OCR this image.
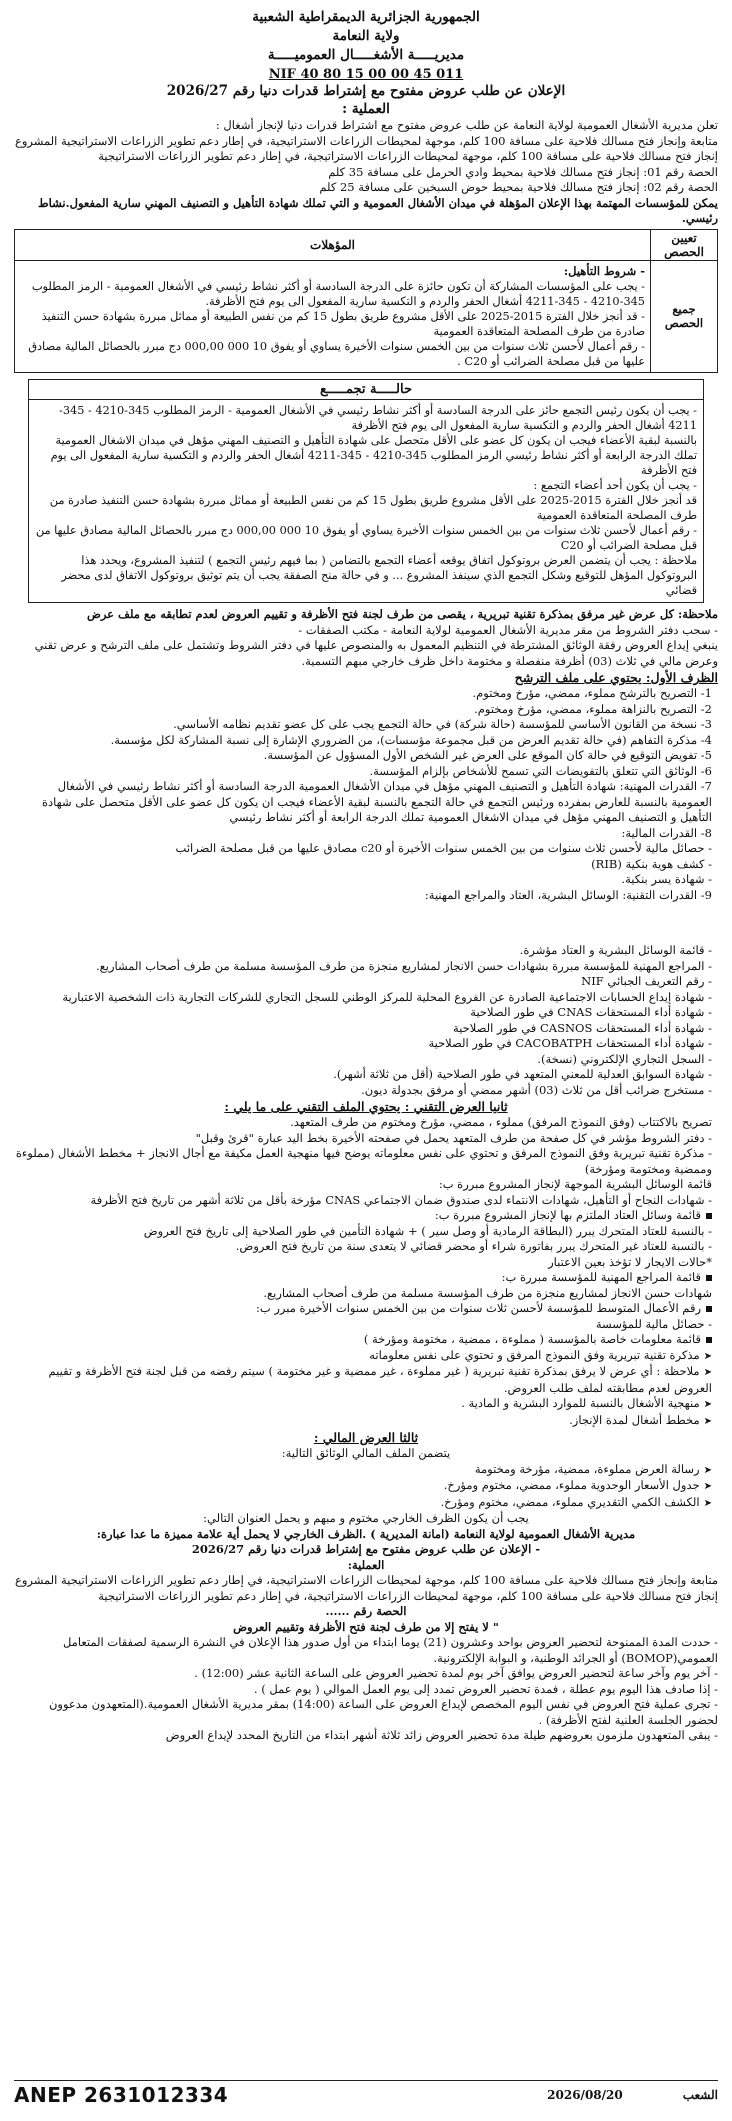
الجمهورية الجزائرية الديمقراطية الشعبية
ولاية النعامة
مديريـــــة الأشغـــــال العموميـــــة
NIF 40 80 15 00 00 45 011
الإعلان عن طلب عروض مفتوح مع إشتراط قدرات دنيا رقم 2026/27
العملية :

تعلن مديرية الأشغال العمومية لولاية النعامة عن طلب عروض مفتوح مع اشتراط قدرات دنيا لإنجاز أشغال :

متابعة وإنجاز فتح مسالك فلاحية على مسافة 100 كلم، موجهة لمحيطات الزراعات الاستراتيجية، في إطار دعم تطوير الزراعات الاستراتيجية المشروع

إنجاز فتح مسالك فلاحية على مسافة 100 كلم، موجهة لمحيطات الزراعات الاستراتيجية، في إطار دعم تطوير الزراعات الاستراتيجية

الحصة رقم 01: إنجاز فتح مسالك فلاحية بمحيط وادي الحرمل على مسافة 35 كلم

الحصة رقم 02: إنجاز فتح مسالك فلاحية بمحيط حوض السبخين على مسافة 25 كلم

يمكن للمؤسسات المهتمة بهذا الإعلان المؤهلة في ميدان الأشغال العمومية و التي تملك شهادة التأهيل و التصنيف المهني سارية المفعول.نشاط رئيسي.

تعيين الحصص	المؤهلات
جميع الحصص	- شروط التأهيل:

- يجب على المؤسسات المشاركة أن تكون حائزة على الدرجة السادسة أو أكثر نشاط رئيسي في الأشغال العمومية - الرمز المطلوب 345-4210 - 345-4211 أشغال الحفر والردم و التكسية سارية المفعول الى يوم فتح الأظرفة.

- قد أنجز خلال الفترة 2015-2025 على الأقل مشروع طريق بطول 15 كم من نفس الطبيعة أو مماثل مبررة بشهادة حسن التنفيذ صادرة من طرف المصلحة المتعاقدة العمومية

- رقم أعمال لأحسن ثلاث سنوات من بين الخمس سنوات الأخيرة يساوي أو يفوق 10 000 000,00 دج مبرر بالحصائل المالية مصادق عليها من قبل مصلحة الضرائب أو C20 .

حالـــــة تجمـــــع

- يجب أن يكون رئيس التجمع حائز على الدرجة السادسة أو أكثر نشاط رئيسي في الأشغال العمومية - الرمز المطلوب 345-4210 - 345-4211 أشغال الحفر والردم و التكسية سارية المفعول الى يوم فتح الأظرفة

بالنسبة لبقية الأعضاء فيجب ان يكون كل عضو على الأقل متحصل على شهادة التأهيل و التصنيف المهني مؤهل في ميدان الاشغال العمومية تملك الدرجة الرابعة أو أكثر نشاط رئيسي الرمز المطلوب 345-4210 - 345-4211 أشغال الحفر والردم و التكسية سارية المفعول الى يوم فتح الأظرفة

- يجب أن يكون أحد أعضاء التجمع :

قد أنجز خلال الفترة 2015-2025 على الأقل مشروع طريق بطول 15 كم من نفس الطبيعة أو مماثل مبررة بشهادة حسن التنفيذ صادرة من طرف المصلحة المتعاقدة العمومية

- رقم أعمال لأحسن ثلاث سنوات من بين الخمس سنوات الأخيرة يساوي أو يفوق 10 000 000,00 دج مبرر بالحصائل المالية مصادق عليها من قبل مصلحة الضرائب أو C20

ملاحظة : يجب أن يتضمن العرض بروتوكول اتفاق يوقعه أعضاء التجمع بالتضامن ( بما فيهم رئيس التجمع ) لتنفيذ المشروع، ويحدد هذا البروتوكول المؤهل للتوقيع وشكل التجمع الذي سينفذ المشروع ... و في حالة منح الصفقة يجب أن يتم توثيق بروتوكول الاتفاق لدى محضر قضائي

ملاحظة: كل عرض غير مرفق بمذكرة تقنية تبريرية ، يقصى من طرف لجنة فتح الأظرفة و تقييم العروض لعدم تطابقه مع ملف عرض

- سحب دفتر الشروط من مقر مديرية الأشغال العمومية لولاية النعامة - مكتب الصفقات -

ينبغي إيداع العروض رفقة الوثائق المشترطة في التنظيم المعمول به والمنصوص عليها في دفتر الشروط وتشتمل على ملف الترشح و عرض تقني وعرض مالي في ثلاث (03) أظرفة منفصلة و مختومة داخل ظرف خارجي مبهم التسمية.

الظرف الأول: يحتوي على ملف الترشح

1- التصريح بالترشح مملوء، ممضي، مؤرخ ومختوم.

2- التصريح بالنزاهة مملوء، ممضي، مؤرخ ومختوم.

3- نسخة من القانون الأساسي للمؤسسة (حالة شركة) في حالة التجمع يجب على كل عضو تقديم نظامه الأساسي.

4- مذكرة التفاهم (في حالة تقديم العرض من قبل مجموعة مؤسسات)، من الضروري الإشارة إلى نسبة المشاركة لكل مؤسسة.

5- تفويض التوقيع في حالة كان الموقع على العرض غير الشخص الأول المسؤول عن المؤسسة.

6- الوثائق التي تتعلق بالتفويضات التي تسمح للأشخاص بإلزام المؤسسة.

7- القدرات المهنية: شهادة التأهيل و التصنيف المهني مؤهل في ميدان الأشغال العمومية الدرجة السادسة أو أكثر نشاط رئيسي في الأشغال العمومية بالنسبة للعارض بمفرده ورئيس التجمع في حالة التجمع بالنسبة لبقية الأعضاء فيجب ان يكون كل عضو على الأقل متحصل على شهادة التأهيل و التصنيف المهني مؤهل في ميدان الاشغال العمومية تملك الدرجة الرابعة أو أكثر نشاط رئيسي

8- القدرات المالية:

- حصائل مالية لأحسن ثلاث سنوات من بين الخمس سنوات الأخيرة أو c20 مصادق عليها من قبل مصلحة الضرائب

- كشف هوية بنكية (RIB)

- شهادة يسر بنكية.

9- القدرات التقنية: الوسائل البشرية، العتاد والمراجع المهنية:

- قائمة الوسائل البشرية و العتاد مؤشرة.

- المراجع المهنية للمؤسسة مبررة بشهادات حسن الانجاز لمشاريع منجزة من طرف المؤسسة مسلمة من طرف أصحاب المشاريع.

- رقم التعريف الجبائي NIF

- شهادة إيداع الحسابات الاجتماعية الصادرة عن الفروع المحلية للمركز الوطني للسجل التجاري للشركات التجارية ذات الشخصية الاعتبارية

- شهادة أداء المستحقات CNAS في طور الصلاحية

- شهادة أداء المستحقات CASNOS في طور الصلاحية

- شهادة أداء المستحقات CACOBATPH في طور الصلاحية

- السجل التجاري الإلكتروني (نسخة).

- شهادة السوابق العدلية للمعني المتعهد في طور الصلاحية (أقل من ثلاثة أشهر).

- مستخرج ضرائب أقل من ثلاث (03) أشهر ممضي أو مرفق بجدولة ديون.

ثانيا العرض التقني : يحتوي الملف التقني على ما يلي :

تصريح بالاكتتاب (وفق النموذج المرفق) مملوء ، ممضي، مؤرخ ومختوم من طرف المتعهد.

- دفتر الشروط مؤشر في كل صفحة من طرف المتعهد يحمل في صفحته الأخيرة بخط اليد عبارة "قرئ وقبل"

- مذكرة تقنية تبريرية وفق النموذج المرفق و تحتوي على نفس معلوماته يوضح فيها منهجية العمل مكيفة مع أجال الانجاز + مخطط الأشغال (مملوءة وممضية ومختومة ومؤرخة)

قائمة الوسائل البشرية الموجهة لإنجاز المشروع مبررة ب:

- شهادات النجاح أو التأهيل، شهادات الانتماء لدى صندوق ضمان الاجتماعي CNAS مؤرخة بأقل من ثلاثة أشهر من تاريخ فتح الأظرفة

قائمة وسائل العتاد الملتزم بها لإنجاز المشروع مبررة ب:

- بالنسبة للعتاد المتحرك يبرر (البطاقة الرمادية أو وصل سير ) + شهادة التأمين في طور الصلاحية إلى تاريخ فتح العروض

- بالنسبة للعتاد غير المتحرك يبرر بفاتورة شراء أو محضر قضائي لا يتعدى سنة من تاريخ فتح العروض.

*حالات الايجار لا تؤخذ بعين الاعتبار

قائمة المراجع المهنية للمؤسسة مبررة ب:

شهادات حسن الانجاز لمشاريع منجزة من طرف المؤسسة مسلمة من طرف أصحاب المشاريع.

رقم الأعمال المتوسط للمؤسسة لأحسن ثلاث سنوات من بين الخمس سنوات الأخيرة مبرر ب:

- حصائل مالية للمؤسسة

قائمة معلومات خاصة بالمؤسسة ( مملوءة ، ممضية ، مختومة ومؤرخة )

➤مذكرة تقنية تبريرية وفق النموذج المرفق و تحتوي على نفس معلوماته

➤ملاحظة : أي عرض لا يرفق بمذكرة تقنية تبريرية ( غير مملوءة ، غير ممضية و غير مختومة ) سيتم رفضه من قبل لجنة فتح الأظرفة و تقييم العروض لعدم مطابقته لملف طلب العروض.

➤منهجية الأشغال بالنسبة للموارد البشرية و المادية .

➤مخطط أشغال لمدة الإنجاز.

ثالثا العرض المالي :

يتضمن الملف المالي الوثائق التالية:

➤رسالة العرض مملوءة، ممضية، مؤرخة ومختومة

➤جدول الأسعار الوحدوية مملوء، ممضي، مختوم ومؤرخ.

➤الكشف الكمي التقديري مملوء، ممضي، مختوم ومؤرخ.

يجب أن يكون الظرف الخارجي مختوم و مبهم و يحمل العنوان التالي:

مديرية الأشغال العمومية لولاية النعامة (امانة المديرية ) .الظرف الخارجي لا يحمل أية علامة مميزة ما عدا عبارة:

- الإعلان عن طلب عروض مفتوح مع إشتراط قدرات دنيا رقم 2026/27

العملية:

متابعة وإنجاز فتح مسالك فلاحية على مسافة 100 كلم، موجهة لمحيطات الزراعات الاستراتيجية، في إطار دعم تطوير الزراعات الاستراتيجية المشروع

إنجاز فتح مسالك فلاحية على مسافة 100 كلم، موجهة لمحيطات الزراعات الاستراتيجية، في إطار دعم تطوير الزراعات الاستراتيجية

الحصة رقم ......

" لا يفتح إلا من طرف لجنة فتح الأظرفة وتقييم العروض

- حددت المدة الممنوحة لتحضير العروض بواحد وعشرون (21) يوما ابتداء من أول صدور هذا الإعلان في النشرة الرسمية لصفقات المتعامل العمومي(BOMOP) أو الجرائد الوطنية، و البوابة الإلكترونية.

- آخر يوم وآخر ساعة لتحضير العروض يوافق آخر يوم لمدة تحضير العروض على الساعة الثانية عشر (12:00) .

- إذا صادف هذا اليوم يوم عطلة ، فمدة تحضير العروض تمدد إلى يوم العمل الموالي ( يوم عمل ) .

- تجرى عملية فتح العروض في نفس اليوم المخصص لإيداع العروض على الساعة (14:00) بمقر مديرية الأشغال العمومية.(المتعهدون مدعوون لحضور الجلسة العلنية لفتح الأظرفة) .

- يبقى المتعهدون ملزمون بعروضهم طيلة مدة تحضير العروض زائد ثلاثة أشهر ابتداء من التاريخ المحدد لإيداع العروض

ANEP 2631012334	2026/08/20	الشعب
